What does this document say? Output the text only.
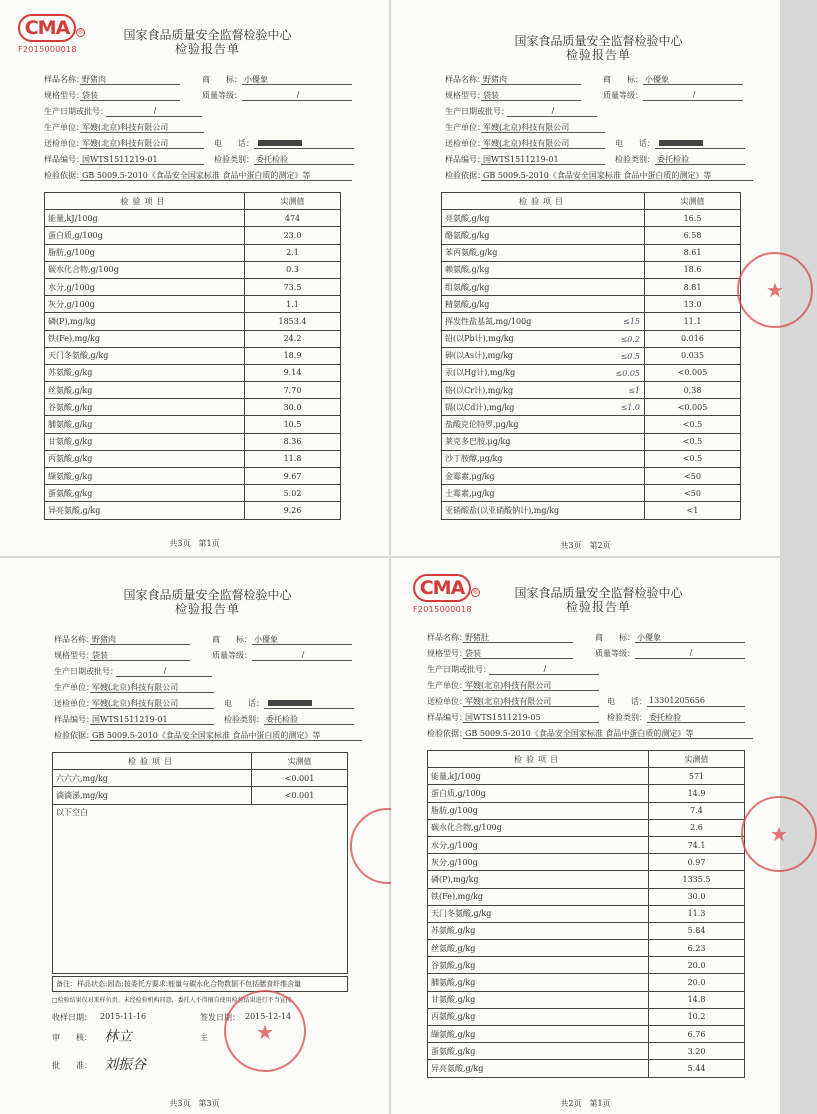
CMA	®
F2015000018
国家食品质量安全监督检验中心
检验报告单
样品名称：
野猪肉	商　　标： 小優象
规格型号：
袋装	质量等级：	/
生产日期或批号：	/
生产单位：
军嫂(北京)科技有限公司
送检单位：
军嫂(北京)科技有限公司	电　　话：
样品编号：
国WTS1511219-01	检验类别： 委托检验
检验依据：
GB 5009.5-2010《食品安全国家标准 食品中蛋白质的测定》等
检验项目	实测值
能量,kJ/100g	474
蛋白质,g/100g	23.0
脂肪,g/100g	2.1
碳水化合物,g/100g	0.3
水分,g/100g	73.5
灰分,g/100g	1.1
磷(P),mg/kg	1853.4
铁(Fe),mg/kg	24.2
天门冬氨酸,g/kg	18.9
苏氨酸,g/kg	9.14
丝氨酸,g/kg	7.70
谷氨酸,g/kg	30.0
脯氨酸,g/kg	10.5
甘氨酸,g/kg	8.36
丙氨酸,g/kg	11.8
缬氨酸,g/kg	9.67
蛋氨酸,g/kg	5.02
异亮氨酸,g/kg	9.26
共3页　第1页
国家食品质量安全监督检验中心
检验报告单
样品名称：
野猪肉	商　　标： 小優象
规格型号：
袋装	质量等级：	/
生产日期或批号：	/
生产单位：
军嫂(北京)科技有限公司
送检单位：
军嫂(北京)科技有限公司	电　　话：
样品编号：
国WTS1511219-01	检验类别： 委托检验
检验依据：
GB 5009.5-2010《食品安全国家标准 食品中蛋白质的测定》等
检验项目	实测值
亮氨酸,g/kg	16.5
酪氨酸,g/kg	6.58
苯丙氨酸,g/kg	8.61
赖氨酸,g/kg	18.6
组氨酸,g/kg	8.81
精氨酸,g/kg	13.0
挥发性盐基氮,mg/100g ≤15	11.1
铅(以Pb计),mg/kg ≤0.2	0.016
砷(以As计),mg/kg ≤0.5	0.035
汞(以Hg计),mg/kg ≤0.05	<0.005
铬(以Cr计),mg/kg ≤1	0.38
镉(以Cd计),mg/kg ≤1.0	<0.005
盐酸克伦特罗,μg/kg	<0.5
莱克多巴胺,μg/kg	<0.5
沙丁胺醇,μg/kg	<0.5
金霉素,μg/kg	<50
土霉素,μg/kg	<50
亚硝酸盐(以亚硝酸钠计),mg/kg	<1
★
共3页　第2页
国家食品质量安全监督检验中心
检验报告单
样品名称：
野猪肉	商　　标： 小優象
规格型号：
袋装	质量等级：	/
生产日期或批号：	/
生产单位：
军嫂(北京)科技有限公司
送检单位：
军嫂(北京)科技有限公司	电　　话：
样品编号：
国WTS1511219-01	检验类别： 委托检验
检验依据：
GB 5009.5-2010《食品安全国家标准 食品中蛋白质的测定》等
检验项目	实测值
六六六,mg/kg	<0.001
滴滴涕,mg/kg	<0.001
以下空白
备注：样品状态:固态;按委托方要求:能量与碳水化合物数据不包括膳食纤维含量
□检验结果仅对来样负责。未经检验机构同意，委托人不得擅自使用检验结果进行不当宣传。
收样日期： 2015-11-16	签发日期： 2015-12-14
审　　核： 林立	主
批　　准： 刘振谷
★
共3页　第3页
CMA	®
F2015000018
国家食品质量安全监督检验中心
检验报告单
样品名称：
野猪肚	商　　标： 小優象
规格型号：
袋装	质量等级：	/
生产日期或批号：	/
生产单位：
军嫂(北京)科技有限公司
送检单位：
军嫂(北京)科技有限公司	电　　话： 13301205656
样品编号：
国WTS1511219-05	检验类别： 委托检验
检验依据：
GB 5009.5-2010《食品安全国家标准 食品中蛋白质的测定》等
检验项目	实测值
能量,kJ/100g	571
蛋白质,g/100g	14.9
脂肪,g/100g	7.4
碳水化合物,g/100g	2.6
水分,g/100g	74.1
灰分,g/100g	0.97
磷(P),mg/kg	1335.5
铁(Fe),mg/kg	30.0
天门冬氨酸,g/kg	11.3
苏氨酸,g/kg	5.84
丝氨酸,g/kg	6.23
谷氨酸,g/kg	20.0
脯氨酸,g/kg	20.0
甘氨酸,g/kg	14.8
丙氨酸,g/kg	10.2
缬氨酸,g/kg	6.76
蛋氨酸,g/kg	3.20
异亮氨酸,g/kg	5.44
★
共2页　第1页
